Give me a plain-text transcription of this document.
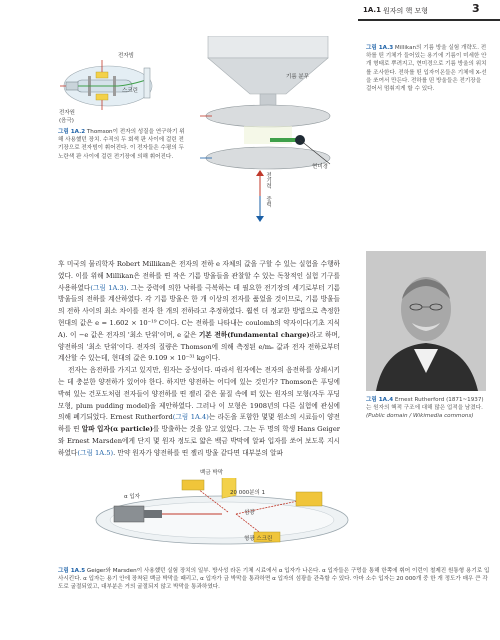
1A.1 원자의 핵 모형	3
전자빔
스크린
전자원
(음극)
그림 1A.2 Thomson이 전자의 성질을 연구하기 위해 사용했던 장치. 수직의 두 회색 판 사이에 걸린 전기장으로 전자빔이 휘어진다. 이 전자들은 수평의 두 노란색 판 사이에 걸린 전기장에 의해 휘어진다.
기름 분무
현미경
전기력
중력
그림 1A.3 Millikan의 기름 방울 실험 개략도. 전하를 띤 기체가 들어있는 용기에 기름이 미세한 안개 형태로 뿌려지고, 현미경으로 기름 방울의 위치를 조사한다. 전하를 띤 입자이온들은 기체에 X-선을 쏘여서 만든다. 전하를 띤 방울들은 전기장을 걸어서 멈춰지게 할 수 있다.

후 미국의 물리학자 Robert Millikan은 전자의 전하 e 자체의 값을 구할 수 있는 실험을 수행하였다. 이를 위해 Millikan은 전하를 띤 작은 기름 방울들을 관찰할 수 있는 독창적인 실험 기구를 사용하였다(그림 1A.3). 그는 중력에 의한 낙하를 극복하는 데 필요한 전기장의 세기로부터 기름 방울들의 전하를 계산하였다. 각 기름 방울은 한 개 이상의 전자를 품었을 것이므로, 기름 방울들의 전하 사이의 최소 차이를 전자 한 개의 전하라고 추정하였다. 훨씬 더 정교한 방법으로 측정한 현대의 값은 e = 1.602 × 10⁻¹⁹ C이다. C는 전하를 나타내는 coulomb의 약자이다(기초 지식 A). 이 −e 값은 전자의 '최소 단위'이며, e 값은 기본 전하(fundamental charge)라고 하며, 양전하의 '최소 단위'이다. 전자의 질량은 Thomson에 의해 측정된 e/mₑ 값과 전자 전하로부터 계산할 수 있는데, 현대의 값은 9.109 × 10⁻³¹ kg이다.

전자는 음전하를 가지고 있지만, 원자는 중성이다. 따라서 원자에는 전자의 음전하를 상쇄시키는 데 충분한 양전하가 있어야 한다. 하지만 양전하는 어디에 있는 것인가? Thomson은 푸딩에 박혀 있는 건포도처럼 전자들이 양전하를 띤 젤리 같은 물질 속에 떠 있는 원자의 모형(자두 푸딩 모형, plum pudding model)을 제안하였다. 그러나 이 모형은 1908년의 다른 실험에 관심에 의해 폐기되었다. Ernest Rutherford(그림 1A.4)는 라돈을 포함한 몇몇 원소의 시료들이 양전하를 띤 알파 입자(α particle)를 방출하는 것을 알고 있었다. 그는 두 명의 학생 Hans Geiger와 Ernest Marsden에게 단지 몇 원자 정도로 얇은 백금 박막에 알파 입자를 쏘여 보도록 지시하였다(그림 1A.5). 만약 원자가 양전하를 띤 젤리 방울 같다면 대부분의 알파

그림 1A.4 Ernest Rutherford (1871~1937)는 원자의 핵적 구조에 대해 많은 업적을 남겼다. (Public domain / Wikimedia commons)
백금 박막
α 입자
20 000분의 1
섬광
형광 스크린
그림 1A.5 Geiger와 Marsden이 사용했던 실험 장치의 일부. 방사성 라돈 기체 시료에서 α 입자가 나온다. α 입자들은 구멍을 통해 한쪽에 휘어 이런이 철제진 원통형 용기로 입사시킨다. α 입자는 용기 안에 장착된 백금 박막을 때리고, α 입자가 금 박막을 통과하면 α 입자의 섬광을 관측할 수 있다. 아마 소수 입자는 20 000개 중 한 개 정도가 매우 큰 각도로 굴절되었고, 대부분은 거의 굴절되지 않고 박막을 통과하였다.
